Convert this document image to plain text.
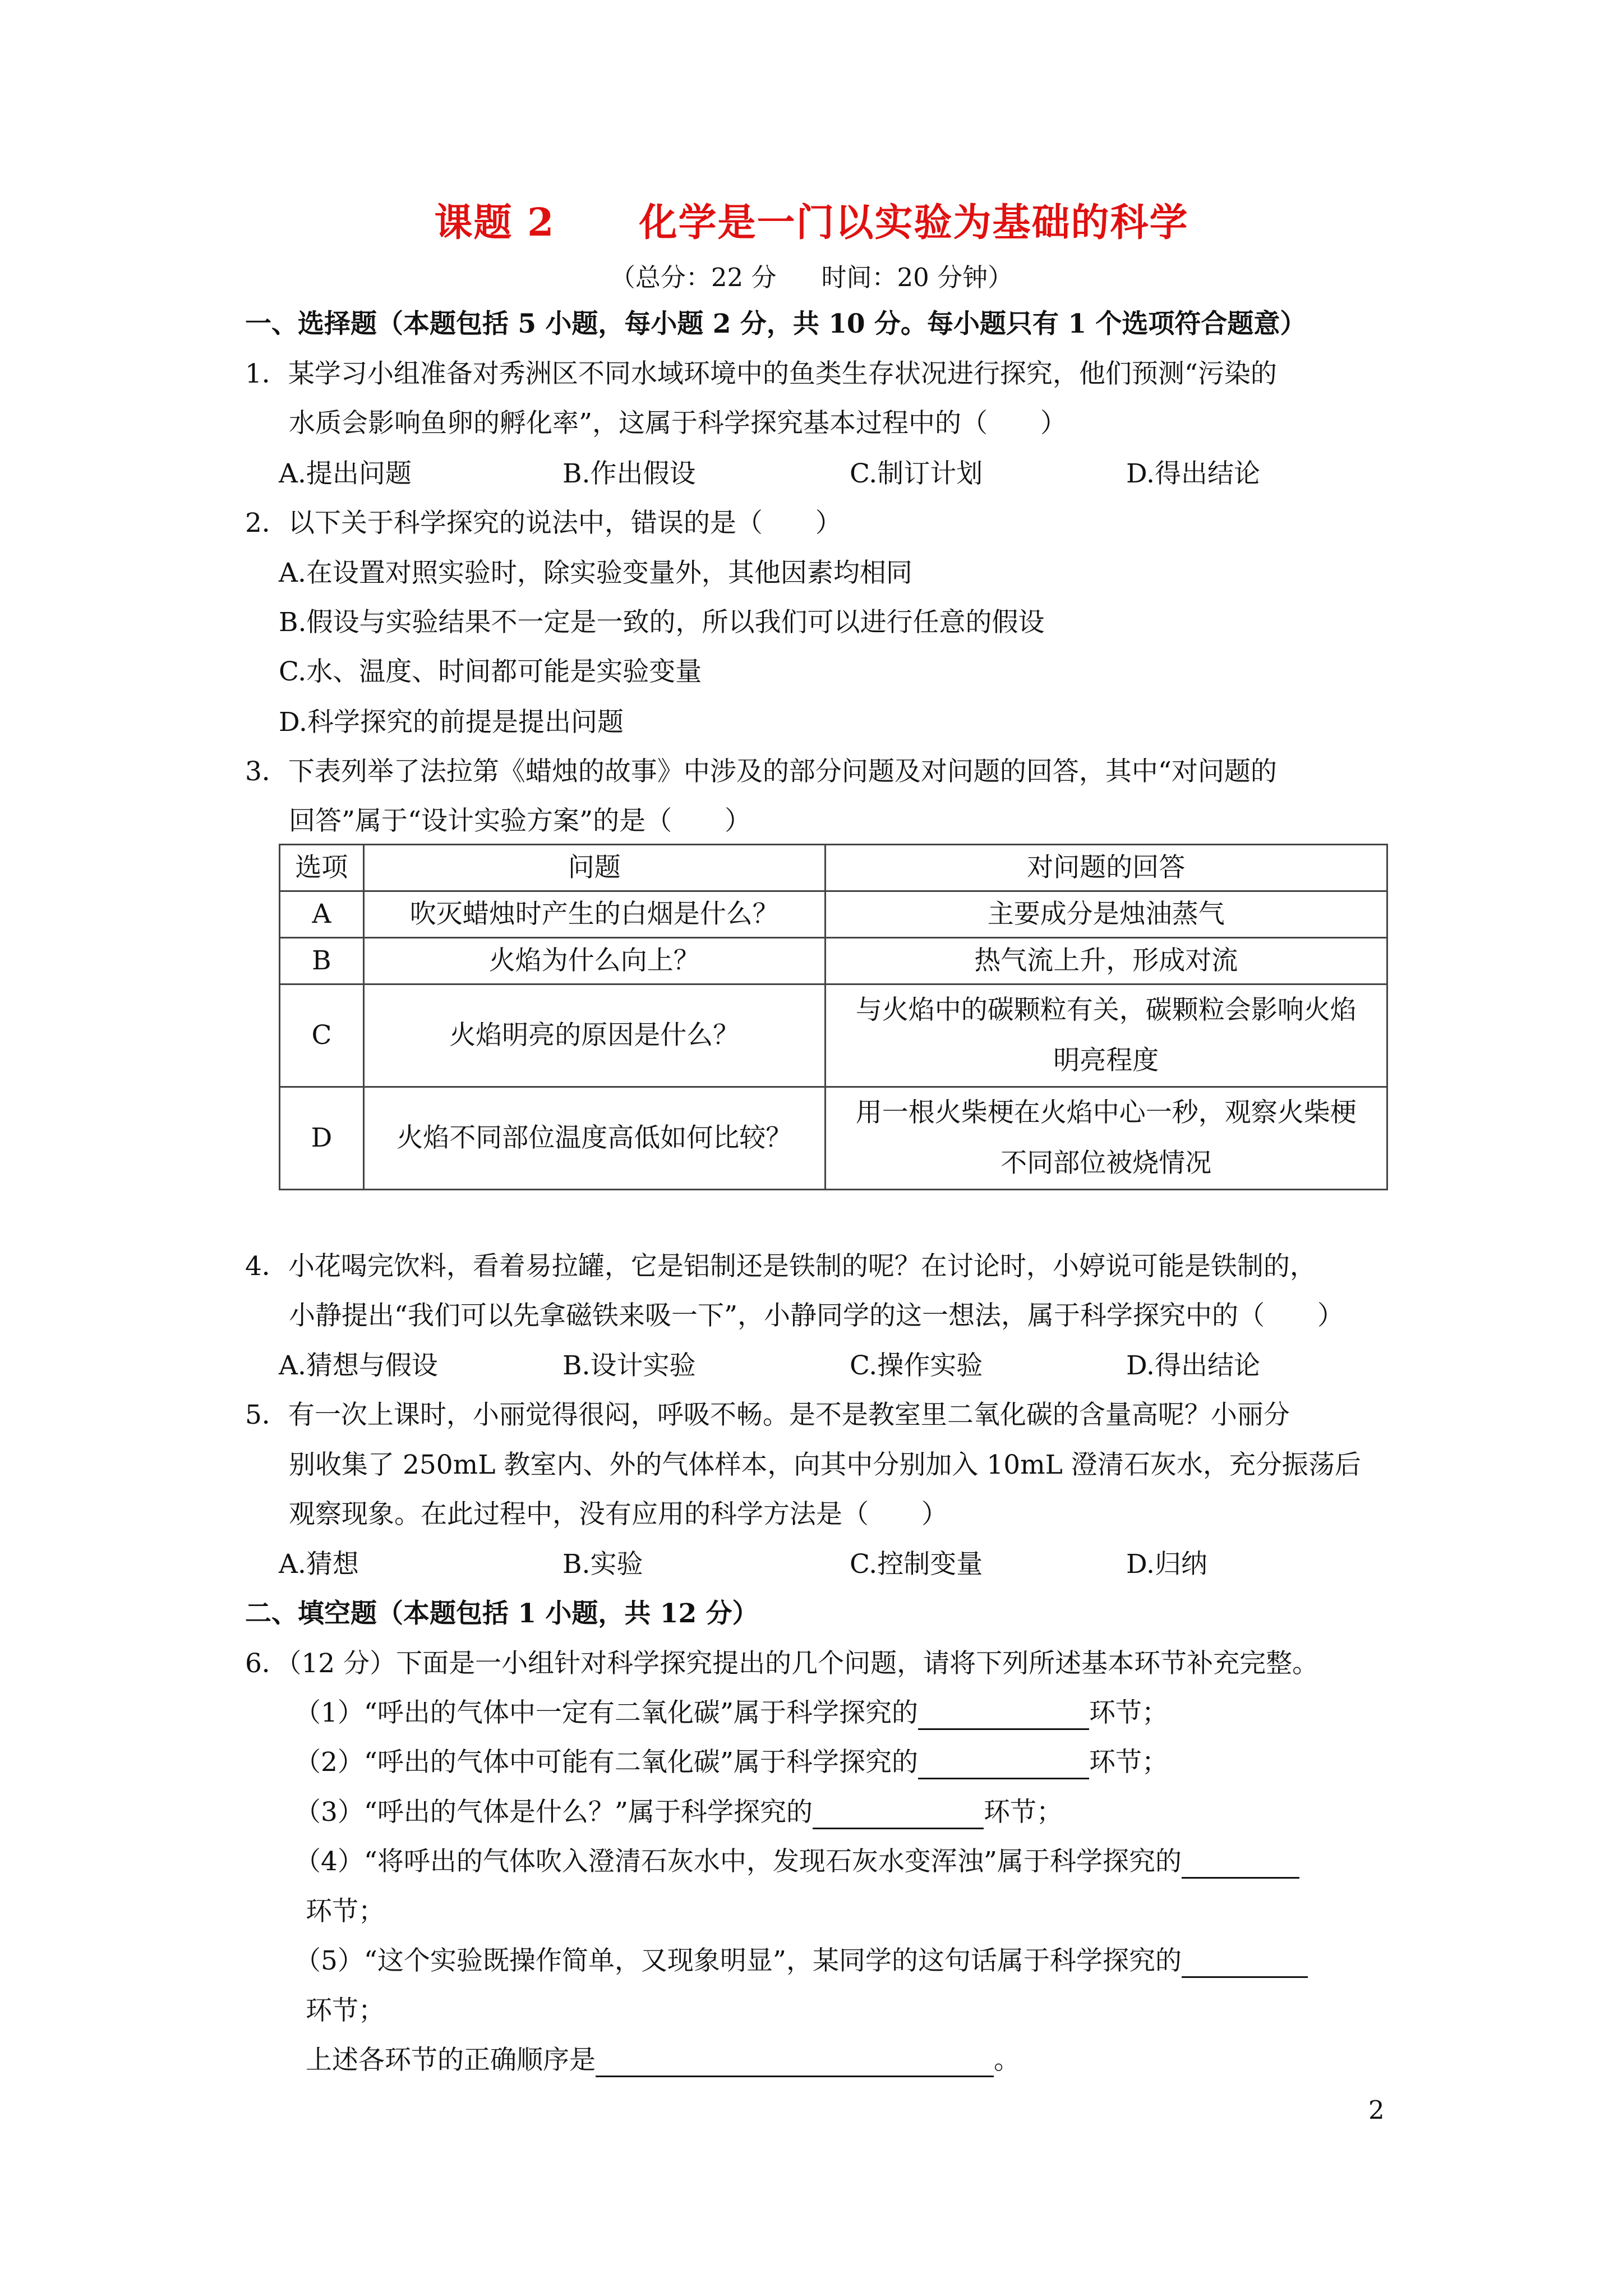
课题 2 化学是一门以实验为基础的科学
（总分：22 分 时间：20 分钟）
一、选择题（本题包括 5 小题，每小题 2 分，共 10 分。每小题只有 1 个选项符合题意）
1．某学习小组准备对秀洲区不同水域环境中的鱼类生存状况进行探究，他们预测“污染的
水质会影响鱼卵的孵化率”，这属于科学探究基本过程中的（　　）
A.提出问题	B.作出假设	C.制订计划	D.得出结论
2．以下关于科学探究的说法中，错误的是（　　）
A.在设置对照实验时，除实验变量外，其他因素均相同
B.假设与实验结果不一定是一致的，所以我们可以进行任意的假设
C.水、温度、时间都可能是实验变量
D.科学探究的前提是提出问题
3．下表列举了法拉第《蜡烛的故事》中涉及的部分问题及对问题的回答，其中“对问题的
回答”属于“设计实验方案”的是（　　）
选项	问题	对问题的回答
A	吹灭蜡烛时产生的白烟是什么？	主要成分是烛油蒸气
B	火焰为什么向上？	热气流上升，形成对流
C	火焰明亮的原因是什么？	与火焰中的碳颗粒有关，碳颗粒会影响火焰
明亮程度

D	火焰不同部位温度高低如何比较？	用一根火柴梗在火焰中心一秒，观察火柴梗
不同部位被烧情况
4．小花喝完饮料，看着易拉罐，它是铝制还是铁制的呢？在讨论时，小婷说可能是铁制的，
小静提出“我们可以先拿磁铁来吸一下”，小静同学的这一想法，属于科学探究中的（　　）
A.猜想与假设	B.设计实验	C.操作实验	D.得出结论
5．有一次上课时，小丽觉得很闷，呼吸不畅。是不是教室里二氧化碳的含量高呢？小丽分
别收集了 250mL 教室内、外的气体样本，向其中分别加入 10mL 澄清石灰水，充分振荡后
观察现象。在此过程中，没有应用的科学方法是（　　）
A.猜想	B.实验	C.控制变量	D.归纳
二、填空题（本题包括 1 小题，共 12 分）
6．（12 分）下面是一小组针对科学探究提出的几个问题，请将下列所述基本环节补充完整。
（1）“呼出的气体中一定有二氧化碳”属于科学探究的	环节；
（2）“呼出的气体中可能有二氧化碳”属于科学探究的	环节；
（3）“呼出的气体是什么？”属于科学探究的	环节；
（4）“将呼出的气体吹入澄清石灰水中，发现石灰水变浑浊”属于科学探究的
环节；
（5）“这个实验既操作简单，又现象明显”，某同学的这句话属于科学探究的
环节；
上述各环节的正确顺序是	。
2
